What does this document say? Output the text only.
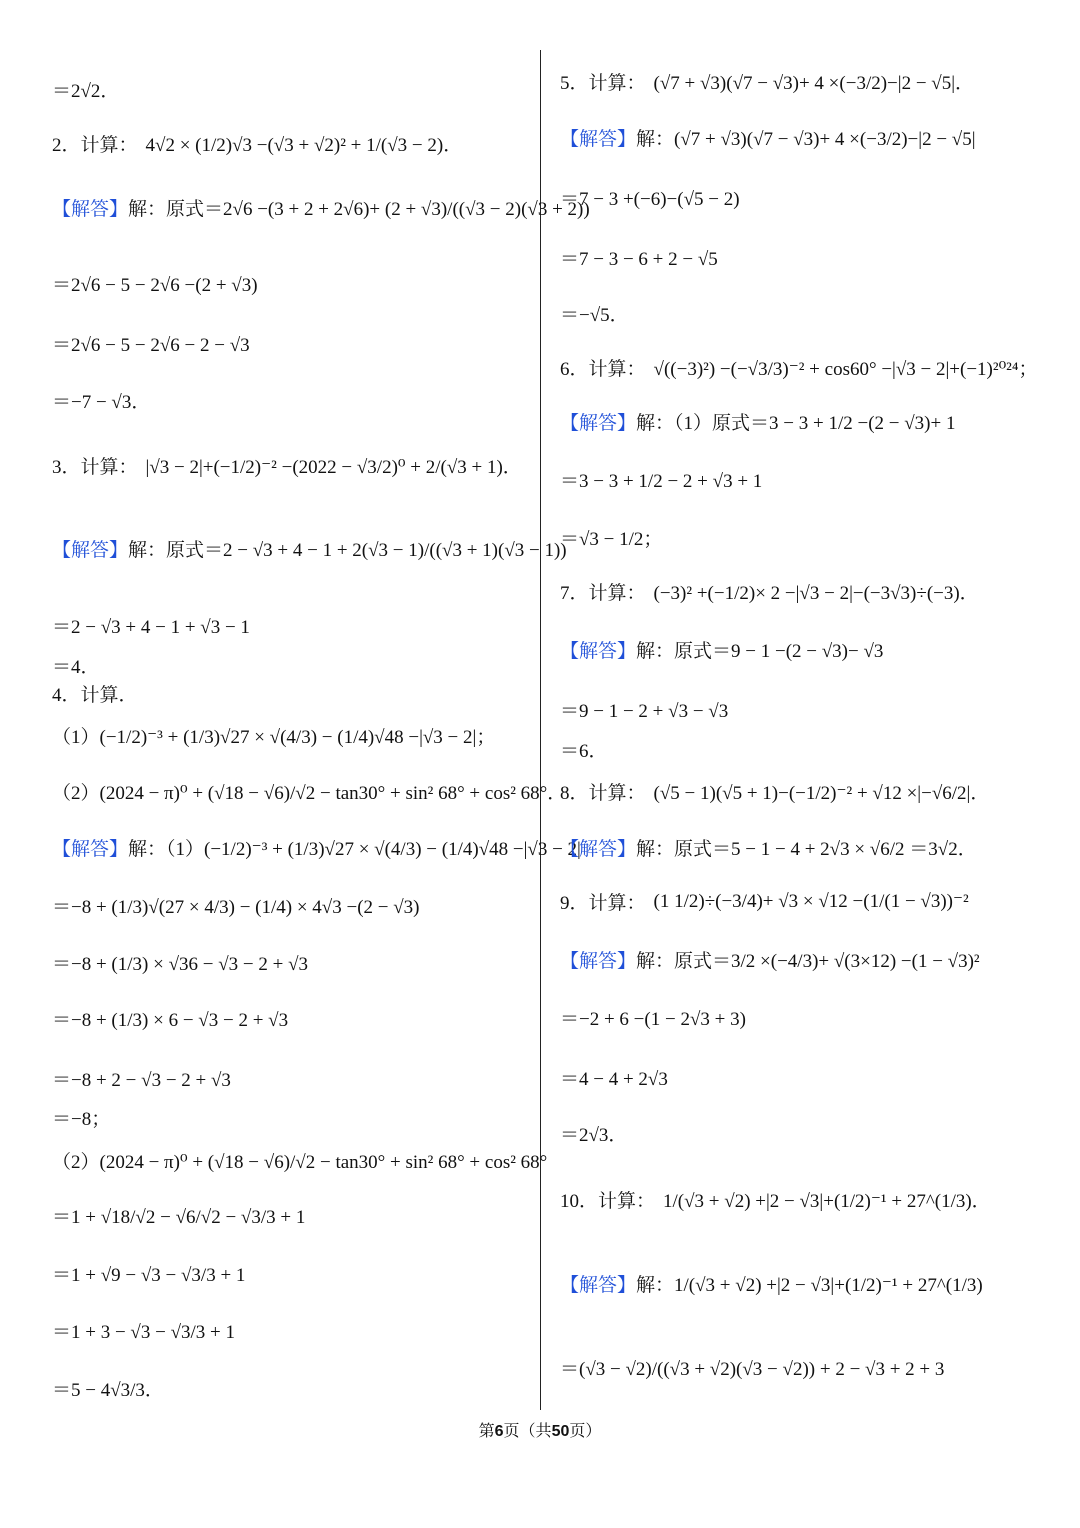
＝2√2．
2．计算： 4√2 × (1/2)√3 −(√3 + √2)² + 1/(√3 − 2)．
【解答】 解：原式＝2√6 −(3 + 2 + 2√6)+ (2 + √3)/((√3 − 2)(√3 + 2))
＝2√6 − 5 − 2√6 −(2 + √3)
＝2√6 − 5 − 2√6 − 2 − √3
＝−7 − √3．
3．计算： |√3 − 2|+(−1/2)⁻² −(2022 − √3/2)⁰ + 2/(√3 + 1)．
【解答】 解：原式＝2 − √3 + 4 − 1 + 2(√3 − 1)/((√3 + 1)(√3 − 1))
＝2 − √3 + 4 − 1 + √3 − 1
＝4．
4．计算．
（1）(−1/2)⁻³ + (1/3)√27 × √(4/3) − (1/4)√48 −|√3 − 2|；
（2）(2024 − π)⁰ + (√18 − √6)/√2 − tan30° + sin² 68° + cos² 68°．
【解答】 解：（1）(−1/2)⁻³ + (1/3)√27 × √(4/3) − (1/4)√48 −|√3 − 2|
＝−8 + (1/3)√(27 × 4/3) − (1/4) × 4√3 −(2 − √3)
＝−8 + (1/3) × √36 − √3 − 2 + √3
＝−8 + (1/3) × 6 − √3 − 2 + √3
＝−8 + 2 − √3 − 2 + √3
＝−8；
（2）(2024 − π)⁰ + (√18 − √6)/√2 − tan30° + sin² 68° + cos² 68°
＝1 + √18/√2 − √6/√2 − √3/3 + 1
＝1 + √9 − √3 − √3/3 + 1
＝1 + 3 − √3 − √3/3 + 1
＝5 − 4√3/3．
5．计算： (√7 + √3)(√7 − √3)+ 4 ×(−3/2)−|2 − √5|．
【解答】 解：(√7 + √3)(√7 − √3)+ 4 ×(−3/2)−|2 − √5|
＝7 − 3 +(−6)−(√5 − 2)
＝7 − 3 − 6 + 2 − √5
＝−√5．
6．计算： √((−3)²) −(−√3/3)⁻² + cos60° −|√3 − 2|+(−1)²⁰²⁴；
【解答】 解：（1）原式＝3 − 3 + 1/2 −(2 − √3)+ 1
＝3 − 3 + 1/2 − 2 + √3 + 1
＝√3 − 1/2；
7．计算： (−3)² +(−1/2)× 2 −|√3 − 2|−(−3√3)÷(−3)．
【解答】 解：原式＝9 − 1 −(2 − √3)− √3
＝9 − 1 − 2 + √3 − √3
＝6．
8．计算： (√5 − 1)(√5 + 1)−(−1/2)⁻² + √12 ×|−√6/2|．
【解答】 解：原式＝5 − 1 − 4 + 2√3 × √6/2 ＝3√2．
9．计算： (1 1/2)÷(−3/4)+ √3 × √12 −(1/(1 − √3))⁻²
【解答】 解：原式＝3/2 ×(−4/3)+ √(3×12) −(1 − √3)²
＝−2 + 6 −(1 − 2√3 + 3)
＝4 − 4 + 2√3
＝2√3．
10．计算： 1/(√3 + √2) +|2 − √3|+(1/2)⁻¹ + 27^(1/3)．
【解答】 解：1/(√3 + √2) +|2 − √3|+(1/2)⁻¹ + 27^(1/3)
＝(√3 − √2)/((√3 + √2)(√3 − √2)) + 2 − √3 + 2 + 3
第6页（共50页）
